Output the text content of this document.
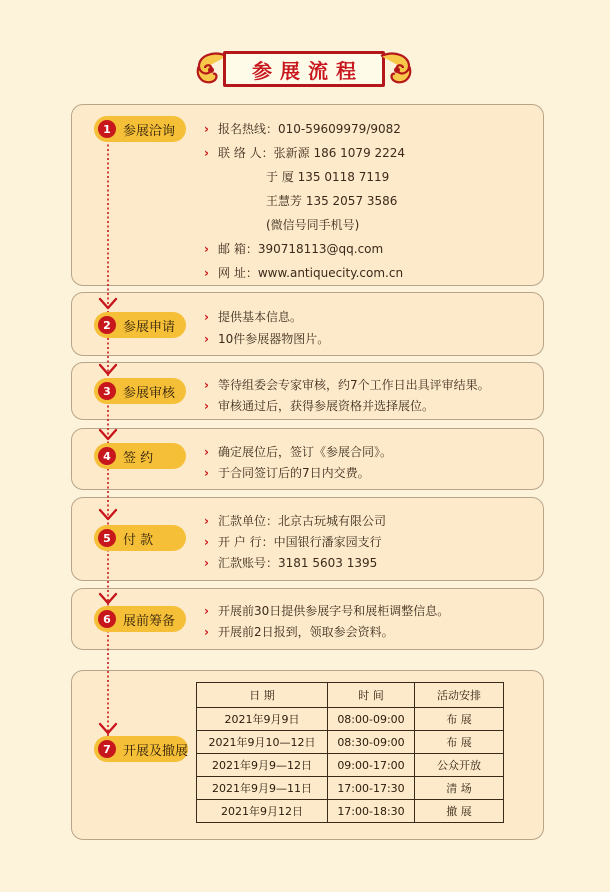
参展流程
1 参展洽询
2 参展申请
3 参展审核
4 签 约
5 付 款
6 展前筹备
7 开展及撤展
› 报名热线：010-59609979/9082
› 联 络 人：张新源 186 1079 2224
于 厦 135 0118 7119
王慧芳 135 2057 3586
(微信号同手机号)
› 邮 箱：390718113@qq.com
› 网 址：www.antiquecity.com.cn
› 提供基本信息。
› 10件参展器物图片。
› 等待组委会专家审核，约7个工作日出具评审结果。
› 审核通过后，获得参展资格并选择展位。
› 确定展位后，签订《参展合同》。
› 于合同签订后的7日内交费。
› 汇款单位：北京古玩城有限公司
› 开 户 行：中国银行潘家园支行
› 汇款账号：3181 5603 1395
› 开展前30日提供参展字号和展柜调整信息。
› 开展前2日报到，领取参会资料。
日 期	时 间	活动安排
2021年9月9日	08:00-09:00	布 展
2021年9月10—12日	08:30-09:00	布 展
2021年9月9—12日	09:00-17:00	公众开放
2021年9月9—11日	17:00-17:30	清 场
2021年9月12日	17:00-18:30	撤 展
